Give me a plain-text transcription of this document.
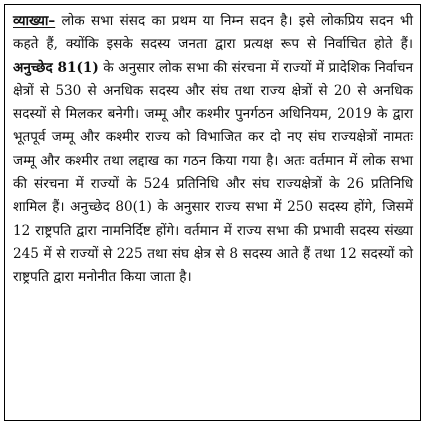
व्याख्या– लोक सभा संसद का प्रथम या निम्न सदन है। इसे लोकप्रिय सदन भी कहते हैं, क्योंकि इसके सदस्य जनता द्वारा प्रत्यक्ष रूप से निर्वाचित होते हैं। अनुच्छेद 81(1) के अनुसार लोक सभा की संरचना में राज्यों में प्रादेशिक निर्वाचन क्षेत्रों से 530 से अनधिक सदस्य और संघ तथा राज्य क्षेत्रों से 20 से अनधिक सदस्यों से मिलकर बनेगी। जम्मू और कश्मीर पुनर्गठन अधिनियम, 2019 के द्वारा भूतपूर्व जम्मू और कश्मीर राज्य को विभाजित कर दो नए संघ राज्यक्षेत्रों नामतः जम्मू और कश्मीर तथा लद्दाख का गठन किया गया है। अतः वर्तमान में लोक सभा की संरचना में राज्यों के 524 प्रतिनिधि और संघ राज्यक्षेत्रों के 26 प्रतिनिधि शामिल हैं। अनुच्छेद 80(1) के अनुसार राज्य सभा में 250 सदस्य होंगे, जिसमें 12 राष्ट्रपति द्वारा नामनिर्दिष्ट होंगे। वर्तमान में राज्य सभा की प्रभावी सदस्य संख्या 245 में से राज्यों से 225 तथा संघ क्षेत्र से 8 सदस्य आते हैं तथा 12 सदस्यों को राष्ट्रपति द्वारा मनोनीत किया जाता है।
